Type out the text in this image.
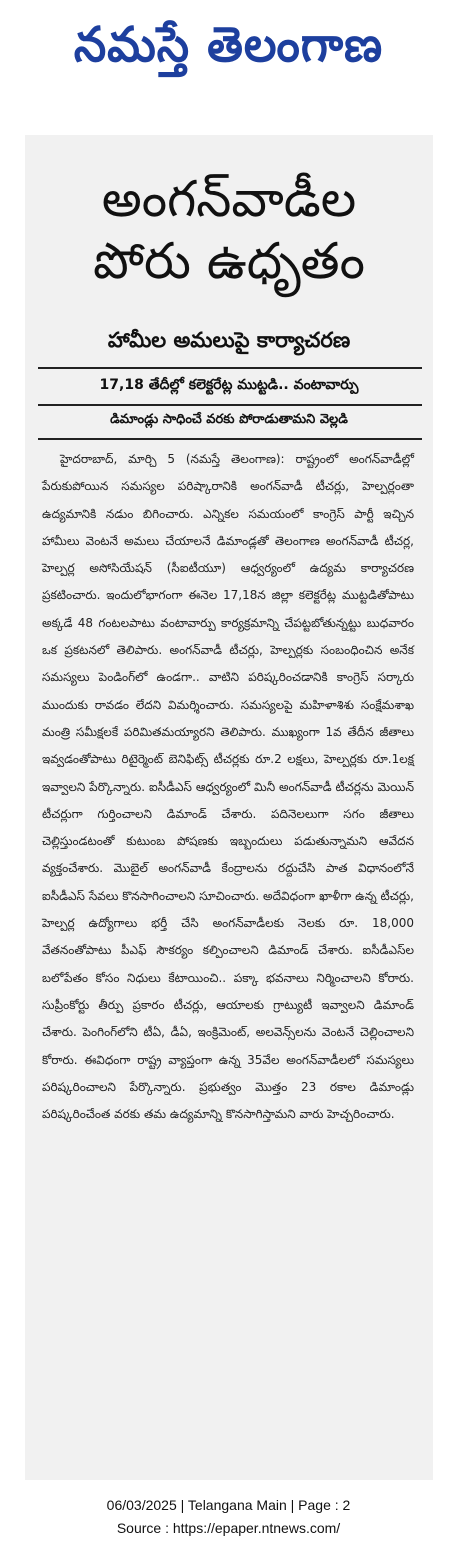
నమస్తే తెలంగాణ
అంగన్‌వాడీల
పోరు ఉధృతం
హామీల అమలుపై కార్యాచరణ
17,18 తేదీల్లో కలెక్టరేట్ల ముట్టడి.. వంటావార్పు
డిమాండ్లు సాధించే వరకు పోరాడుతామని వెల్లడి

హైదరాబాద్, మార్చి 5 (నమస్తే తెలంగాణ): రాష్ట్రంలో అంగన్‌వాడీల్లో పేరుకుపోయిన సమస్యల పరిష్కారానికి అంగన్‌వాడీ టీచర్లు, హెల్పర్లంతా ఉద్యమానికి నడుం బిగించారు. ఎన్నికల సమయంలో కాంగ్రెస్ పార్టీ ఇచ్చిన హామీలు వెంటనే అమలు చేయాలనే డిమాండ్లతో తెలంగాణ అంగన్‌వాడీ టీచర్ల, హెల్పర్ల అసోసియేషన్ (సీఐటీయూ) ఆధ్వర్యంలో ఉద్యమ కార్యాచరణ ప్రకటించారు. ఇందులోభాగంగా ఈనెల 17,18న జిల్లా కలెక్టరేట్ల ముట్టడితోపాటు అక్కడే 48 గంటలపాటు వంటావార్పు కార్యక్రమాన్ని చేపట్టబోతున్నట్టు బుధవారం ఒక ప్రకటనలో తెలిపారు. అంగన్‌వాడీ టీచర్లు, హెల్పర్లకు సంబంధించిన అనేక సమస్యలు పెండింగ్‌లో ఉండగా.. వాటిని పరిష్కరించడానికి కాంగ్రెస్ సర్కారు ముందుకు రావడం లేదని విమర్శించారు. సమస్యలపై మహిళాశిశు సంక్షేమశాఖ మంత్రి సమీక్షలకే పరిమితమయ్యారని తెలిపారు. ముఖ్యంగా 1వ తేదీన జీతాలు ఇవ్వడంతోపాటు రిటైర్మెంట్ బెనిఫిట్స్ టీచర్లకు రూ.2 లక్షలు, హెల్పర్లకు రూ.1లక్ష ఇవ్వాలని పేర్కొన్నారు. ఐసీడీఎస్ ఆధ్వర్యంలో మినీ అంగన్‌వాడీ టీచర్లను మెయిన్ టీచర్లుగా గుర్తించాలని డిమాండ్ చేశారు. పదినెలలుగా సగం జీతాలు చెల్లిస్తుండటంతో కుటుంబ పోషణకు ఇబ్బందులు పడుతున్నామని ఆవేదన వ్యక్తంచేశారు. మొబైల్ అంగన్‌వాడీ కేంద్రాలను రద్దుచేసి పాత విధానంలోనే ఐసీడీఎస్ సేవలు కొనసాగించాలని సూచించారు. అదేవిధంగా ఖాళీగా ఉన్న టీచర్లు, హెల్పర్ల ఉద్యోగాలు భర్తీ చేసి అంగన్‌వాడీలకు నెలకు రూ. 18,000 వేతనంతోపాటు పీఎఫ్ సౌకర్యం కల్పించాలని డిమాండ్ చేశారు. ఐసీడీఎస్‌ల బలోపేతం కోసం నిధులు కేటాయించి.. పక్కా భవనాలు నిర్మించాలని కోరారు. సుప్రీంకోర్టు తీర్పు ప్రకారం టీచర్లు, ఆయాలకు గ్రాట్యుటీ ఇవ్వాలని డిమాండ్ చేశారు. పెంగింగ్‌లోని టీఏ, డీఏ, ఇంక్రిమెంట్, అలవెన్స్‌లను వెంటనే చెల్లించాలని కోరారు. ఈవిధంగా రాష్ట్ర వ్యాప్తంగా ఉన్న 35వేల అంగన్‌వాడీలలో సమస్యలు పరిష్కరించాలని పేర్కొన్నారు. ప్రభుత్వం మొత్తం 23 రకాల డిమాండ్లు పరిష్కరించేంత వరకు తమ ఉద్యమాన్ని కొనసాగిస్తామని వారు హెచ్చరించారు.

06/03/2025 | Telangana Main | Page : 2
Source : https://epaper.ntnews.com/
